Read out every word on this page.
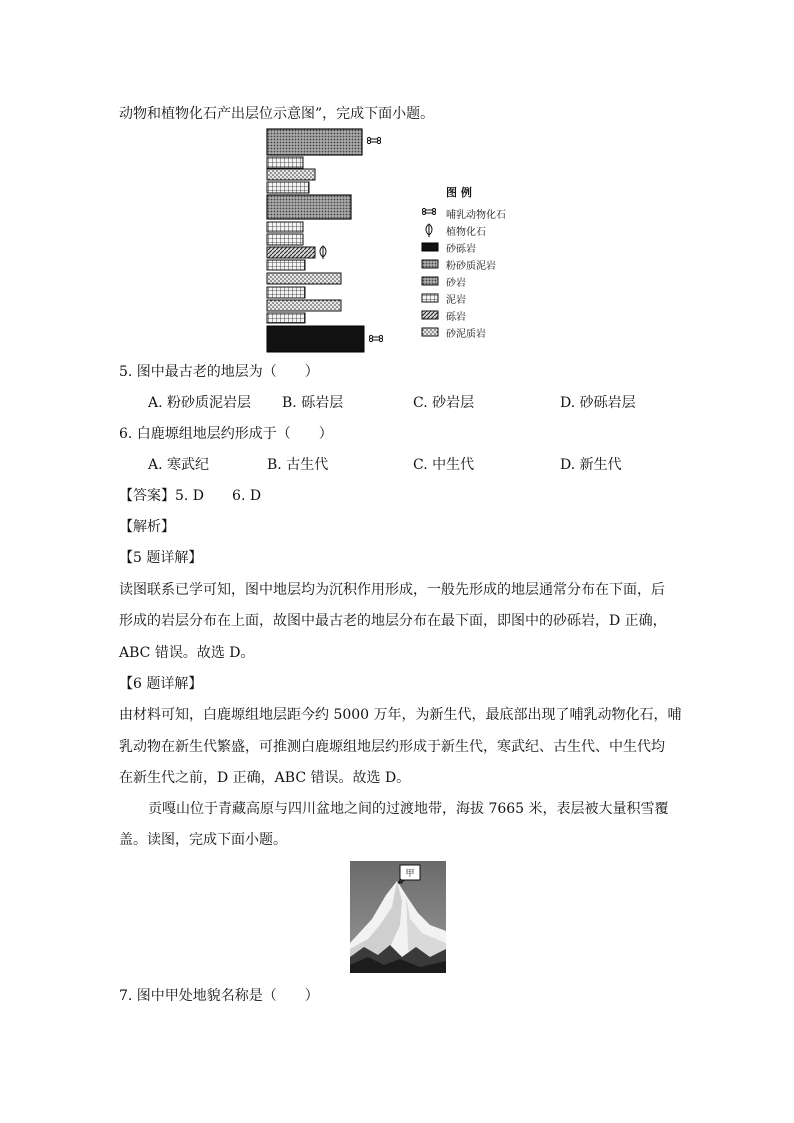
动物和植物化石产出层位示意图”，完成下面小题。
图 例
哺乳动物化石
植物化石
砂砾岩
粉砂质泥岩
砂岩
泥岩
砾岩
砂泥质岩
5. 图中最古老的地层为（　　）
A. 粉砂质泥岩层 B. 砾岩层	C. 砂岩层	D. 砂砾岩层
6. 白鹿塬组地层约形成于（　　）
A. 寒武纪	B. 古生代	C. 中生代	D. 新生代
【答案】5. D　　6. D
【解析】
【5 题详解】
读图联系已学可知，图中地层均为沉积作用形成，一般先形成的地层通常分布在下面，后
形成的岩层分布在上面，故图中最古老的地层分布在最下面，即图中的砂砾岩，D 正确，
ABC 错误。故选 D。
【6 题详解】
由材料可知，白鹿塬组地层距今约 5000 万年，为新生代，最底部出现了哺乳动物化石，哺
乳动物在新生代繁盛，可推测白鹿塬组地层约形成于新生代，寒武纪、古生代、中生代均
在新生代之前，D 正确，ABC 错误。故选 D。
贡嘎山位于青藏高原与四川盆地之间的过渡地带，海拔 7665 米，表层被大量积雪覆
盖。读图，完成下面小题。
甲
7. 图中甲处地貌名称是（　　）
